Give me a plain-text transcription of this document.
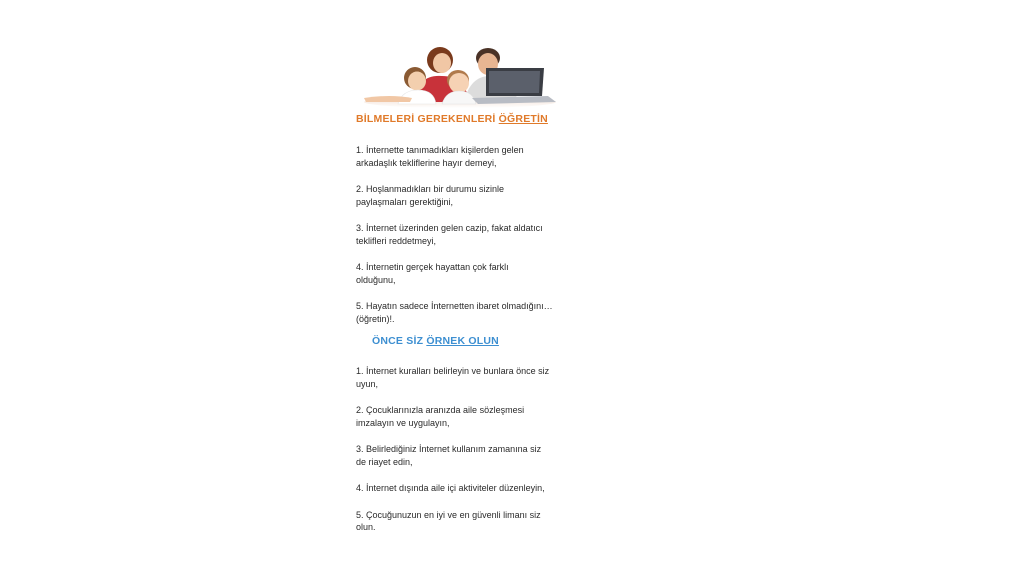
BİLMELERİ GEREKENLERİ ÖĞRETİN
1. İnternette tanımadıkları kişilerden gelen
arkadaşlık tekliflerine hayır demeyi,
2. Hoşlanmadıkları bir durumu sizinle
paylaşmaları gerektiğini,
3. İnternet üzerinden gelen cazip, fakat aldatıcı
teklifleri reddetmeyi,
4. İnternetin gerçek hayattan çok farklı
olduğunu,
5. Hayatın sadece İnternetten ibaret olmadığını…
(öğretin)!.
ÖNCE SİZ ÖRNEK OLUN
1. İnternet kuralları belirleyin ve bunlara önce siz
uyun,
2. Çocuklarınızla aranızda aile sözleşmesi
imzalayın ve uygulayın,
3. Belirlediğiniz İnternet kullanım zamanına siz
de riayet edin,
4. İnternet dışında aile içi aktiviteler düzenleyin,
5. Çocuğunuzun en iyi ve en güvenli limanı siz
olun.
